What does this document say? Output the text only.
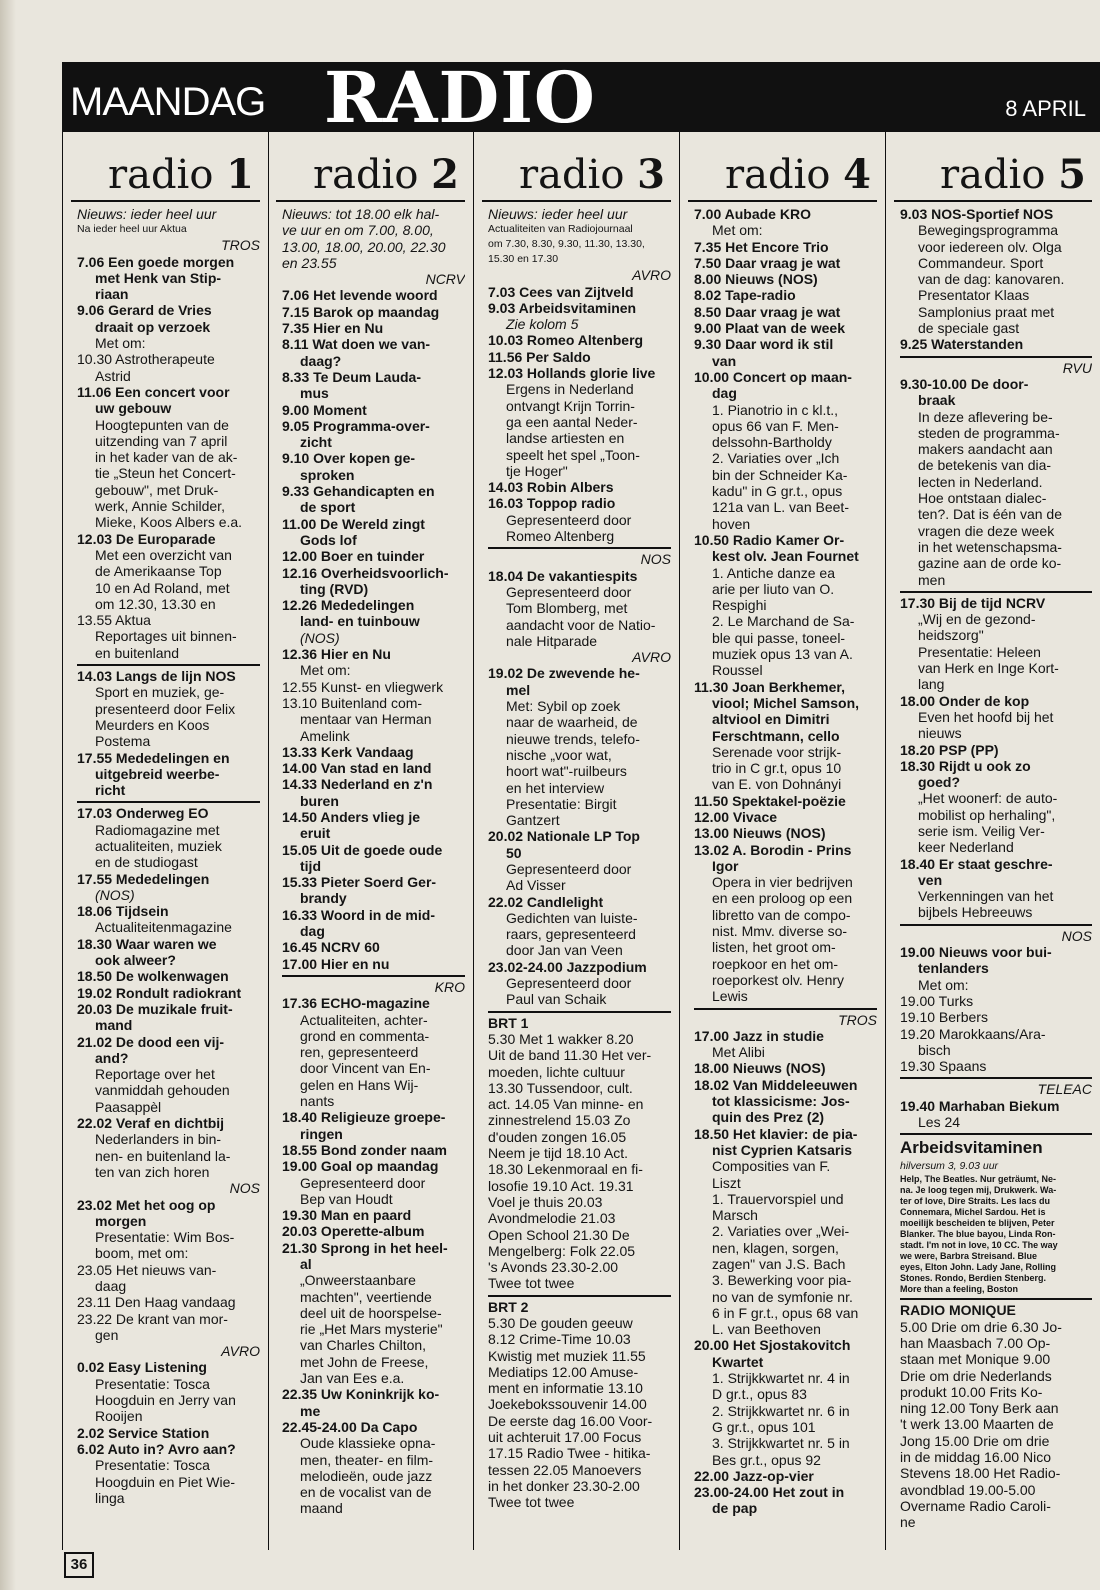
MAANDAG RADIO	8 APRIL
radio 1
Nieuws: ieder heel uur
Na ieder heel uur Aktua
TROS
7.06 Een goede morgen
met Henk van Stip-
riaan
9.06 Gerard de Vries
draait op verzoek
Met om:
10.30 Astrotherapeute
Astrid
11.06 Een concert voor
uw gebouw
Hoogtepunten van de
uitzending van 7 april
in het kader van de ak-
tie „Steun het Concert-
gebouw", met Druk-
werk, Annie Schilder,
Mieke, Koos Albers e.a.
12.03 De Europarade
Met een overzicht van
de Amerikaanse Top
10 en Ad Roland, met
om 12.30, 13.30 en
13.55 Aktua
Reportages uit binnen-
en buitenland
14.03 Langs de lijn NOS
Sport en muziek, ge-
presenteerd door Felix
Meurders en Koos
Postema
17.55 Mededelingen en
uitgebreid weerbe-
richt
17.03 Onderweg EO
Radiomagazine met
actualiteiten, muziek
en de studiogast
17.55 Mededelingen
(NOS)
18.06 Tijdsein
Actualiteitenmagazine
18.30 Waar waren we
ook alweer?
18.50 De wolkenwagen
19.02 Rondult radiokrant
20.03 De muzikale fruit-
mand
21.02 De dood een vij-
and?
Reportage over het
vanmiddah gehouden
Paasappèl
22.02 Veraf en dichtbij
Nederlanders in bin-
nen- en buitenland la-
ten van zich horen
NOS
23.02 Met het oog op
morgen
Presentatie: Wim Bos-
boom, met om:
23.05 Het nieuws van-
daag
23.11 Den Haag vandaag
23.22 De krant van mor-
gen
AVRO
0.02 Easy Listening
Presentatie: Tosca
Hoogduin en Jerry van
Rooijen
2.02 Service Station
6.02 Auto in? Avro aan?
Presentatie: Tosca
Hoogduin en Piet Wie-
linga
radio 2
Nieuws: tot 18.00 elk hal-
ve uur en om 7.00, 8.00,
13.00, 18.00, 20.00, 22.30
en 23.55
NCRV
7.06 Het levende woord
7.15 Barok op maandag
7.35 Hier en Nu
8.11 Wat doen we van-
daag?
8.33 Te Deum Lauda-
mus
9.00 Moment
9.05 Programma-over-
zicht
9.10 Over kopen ge-
sproken
9.33 Gehandicapten en
de sport
11.00 De Wereld zingt
Gods lof
12.00 Boer en tuinder
12.16 Overheidsvoorlich-
ting (RVD)
12.26 Mededelingen
land- en tuinbouw
(NOS)
12.36 Hier en Nu
Met om:
12.55 Kunst- en vliegwerk
13.10 Buitenland com-
mentaar van Herman
Amelink
13.33 Kerk Vandaag
14.00 Van stad en land
14.33 Nederland en z'n
buren
14.50 Anders vlieg je
eruit
15.05 Uit de goede oude
tijd
15.33 Pieter Soerd Ger-
brandy
16.33 Woord in de mid-
dag
16.45 NCRV 60
17.00 Hier en nu
KRO
17.36 ECHO-magazine
Actualiteiten, achter-
grond en commenta-
ren, gepresenteerd
door Vincent van En-
gelen en Hans Wij-
nants
18.40 Religieuze groepe-
ringen
18.55 Bond zonder naam
19.00 Goal op maandag
Gepresenteerd door
Bep van Houdt
19.30 Man en paard
20.03 Operette-album
21.30 Sprong in het heel-
al
„Onweerstaanbare
machten", veertiende
deel uit de hoorspelse-
rie „Het Mars mysterie"
van Charles Chilton,
met John de Freese,
Jan van Ees e.a.
22.35 Uw Koninkrijk ko-
me
22.45-24.00 Da Capo
Oude klassieke opna-
men, theater- en film-
melodieën, oude jazz
en de vocalist van de
maand
radio 3
Nieuws: ieder heel uur
Actualiteiten van Radiojournaal
om 7.30, 8.30, 9.30, 11.30, 13.30,
15.30 en 17.30
AVRO
7.03 Cees van Zijtveld
9.03 Arbeidsvitaminen
Zie kolom 5
10.03 Romeo Altenberg
11.56 Per Saldo
12.03 Hollands glorie live
Ergens in Nederland
ontvangt Krijn Torrin-
ga een aantal Neder-
landse artiesten en
speelt het spel „Toon-
tje Hoger"
14.03 Robin Albers
16.03 Toppop radio
Gepresenteerd door
Romeo Altenberg
NOS
18.04 De vakantiespits
Gepresenteerd door
Tom Blomberg, met
aandacht voor de Natio-
nale Hitparade
AVRO
19.02 De zwevende he-
mel
Met: Sybil op zoek
naar de waarheid, de
nieuwe trends, telefo-
nische „voor wat,
hoort wat"-ruilbeurs
en het interview
Presentatie: Birgit
Gantzert
20.02 Nationale LP Top
50
Gepresenteerd door
Ad Visser
22.02 Candlelight
Gedichten van luiste-
raars, gepresenteerd
door Jan van Veen
23.02-24.00 Jazzpodium
Gepresenteerd door
Paul van Schaik
BRT 1
5.30 Met 1 wakker 8.20
Uit de band 11.30 Het ver-
moeden, lichte cultuur
13.30 Tussendoor, cult.
act. 14.05 Van minne- en
zinnestrelend 15.03 Zo
d'ouden zongen 16.05
Neem je tijd 18.10 Act.
18.30 Lekenmoraal en fi-
losofie 19.10 Act. 19.31
Voel je thuis 20.03
Avondmelodie 21.03
Open School 21.30 De
Mengelberg: Folk 22.05
's Avonds 23.30-2.00
Twee tot twee
BRT 2
5.30 De gouden geeuw
8.12 Crime-Time 10.03
Kwistig met muziek 11.55
Mediatips 12.00 Amuse-
ment en informatie 13.10
Joekebokssouvenir 14.00
De eerste dag 16.00 Voor-
uit achteruit 17.00 Focus
17.15 Radio Twee - hitika-
tessen 22.05 Manoevers
in het donker 23.30-2.00
Twee tot twee
radio 4
7.00 Aubade KRO
Met om:
7.35 Het Encore Trio
7.50 Daar vraag je wat
8.00 Nieuws (NOS)
8.02 Tape-radio
8.50 Daar vraag je wat
9.00 Plaat van de week
9.30 Daar word ik stil
van
10.00 Concert op maan-
dag
1. Pianotrio in c kl.t.,
opus 66 van F. Men-
delssohn-Bartholdy
2. Variaties over „Ich
bin der Schneider Ka-
kadu" in G gr.t., opus
121a van L. van Beet-
hoven
10.50 Radio Kamer Or-
kest olv. Jean Fournet
1. Antiche danze ea
arie per liuto van O.
Respighi
2. Le Marchand de Sa-
ble qui passe, toneel-
muziek opus 13 van A.
Roussel
11.30 Joan Berkhemer,
viool; Michel Samson,
altviool en Dimitri
Ferschtmann, cello
Serenade voor strijk-
trio in C gr.t, opus 10
van E. von Dohnányi
11.50 Spektakel-poëzie
12.00 Vivace
13.00 Nieuws (NOS)
13.02 A. Borodin - Prins
Igor
Opera in vier bedrijven
en een proloog op een
libretto van de compo-
nist. Mmv. diverse so-
listen, het groot om-
roepkoor en het om-
roeporkest olv. Henry
Lewis
TROS
17.00 Jazz in studie
Met Alibi
18.00 Nieuws (NOS)
18.02 Van Middeleeuwen
tot klassicisme: Jos-
quin des Prez (2)
18.50 Het klavier: de pia-
nist Cyprien Katsaris
Composities van F.
Liszt
1. Trauervorspiel und
Marsch
2. Variaties over „Wei-
nen, klagen, sorgen,
zagen" van J.S. Bach
3. Bewerking voor pia-
no van de symfonie nr.
6 in F gr.t., opus 68 van
L. van Beethoven
20.00 Het Sjostakovitch
Kwartet
1. Strijkkwartet nr. 4 in
D gr.t., opus 83
2. Strijkkwartet nr. 6 in
G gr.t., opus 101
3. Strijkkwartet nr. 5 in
Bes gr.t., opus 92
22.00 Jazz-op-vier
23.00-24.00 Het zout in
de pap
radio 5
9.03 NOS-Sportief NOS
Bewegingsprogramma
voor iedereen olv. Olga
Commandeur. Sport
van de dag: kanovaren.
Presentator Klaas
Samplonius praat met
de speciale gast
9.25 Waterstanden
RVU
9.30-10.00 De door-
braak
In deze aflevering be-
steden de programma-
makers aandacht aan
de betekenis van dia-
lecten in Nederland.
Hoe ontstaan dialec-
ten?. Dat is één van de
vragen die deze week
in het wetenschapsma-
gazine aan de orde ko-
men
17.30 Bij de tijd NCRV
„Wij en de gezond-
heidszorg"
Presentatie: Heleen
van Herk en Inge Kort-
lang
18.00 Onder de kop
Even het hoofd bij het
nieuws
18.20 PSP (PP)
18.30 Rijdt u ook zo
goed?
„Het woonerf: de auto-
mobilist op herhaling",
serie ism. Veilig Ver-
keer Nederland
18.40 Er staat geschre-
ven
Verkenningen van het
bijbels Hebreeuws
NOS
19.00 Nieuws voor bui-
tenlanders
Met om:
19.00 Turks
19.10 Berbers
19.20 Marokkaans/Ara-
bisch
19.30 Spaans
TELEAC
19.40 Marhaban Biekum
Les 24
Arbeidsvitaminen
hilversum 3, 9.03 uur
Help, The Beatles. Nur geträumt, Ne-
na. Je loog tegen mij, Drukwerk. Wa-
ter of love, Dire Straits. Les lacs du
Connemara, Michel Sardou. Het is
moeilijk bescheiden te blijven, Peter
Blanker. The blue bayou, Linda Ron-
stadt. I'm not in love, 10 CC. The way
we were, Barbra Streisand. Blue
eyes, Elton John. Lady Jane, Rolling
Stones. Rondo, Berdien Stenberg.
More than a feeling, Boston
RADIO MONIQUE
5.00 Drie om drie 6.30 Jo-
han Maasbach 7.00 Op-
staan met Monique 9.00
Drie om drie Nederlands
produkt 10.00 Frits Ko-
ning 12.00 Tony Berk aan
't werk 13.00 Maarten de
Jong 15.00 Drie om drie
in de middag 16.00 Nico
Stevens 18.00 Het Radio-
avondblad 19.00-5.00
Overname Radio Caroli-
ne
36
